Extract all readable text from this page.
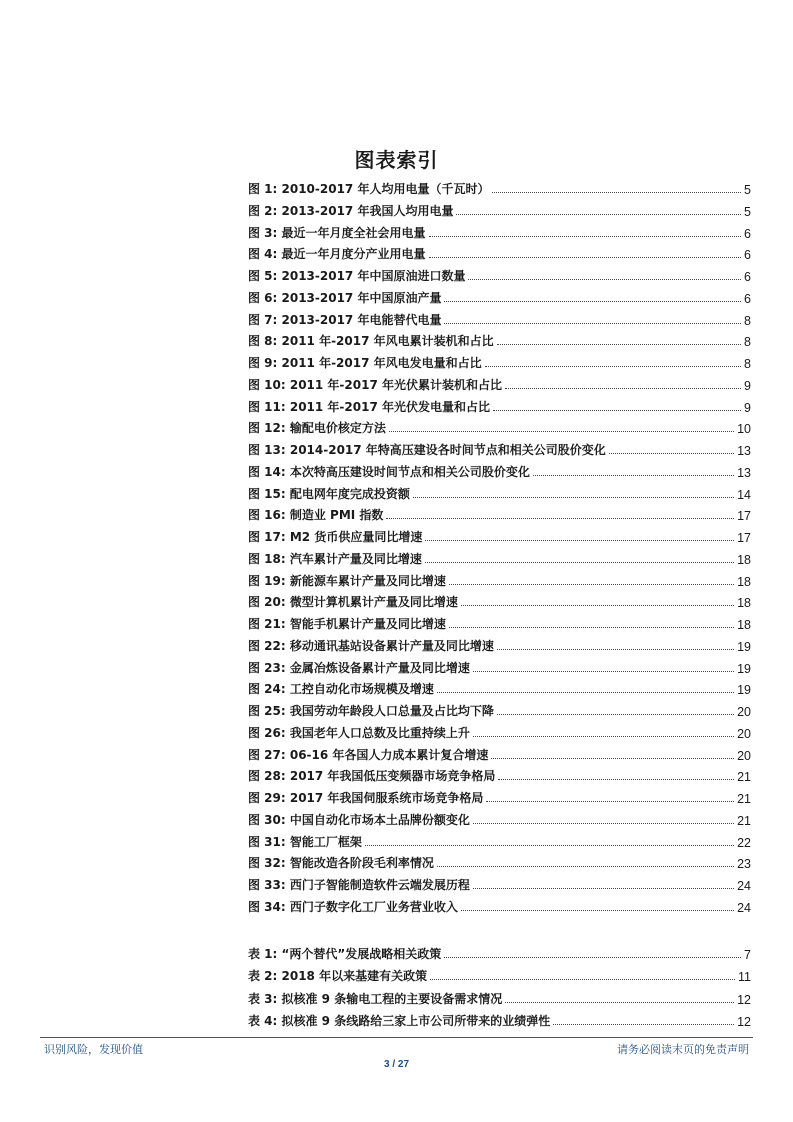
图表索引
图 1: 2010-2017 年人均用电量（千瓦时）	5
图 2: 2013-2017 年我国人均用电量	5
图 3: 最近一年月度全社会用电量	6
图 4: 最近一年月度分产业用电量	6
图 5: 2013-2017 年中国原油进口数量	6
图 6: 2013-2017 年中国原油产量	6
图 7: 2013-2017 年电能替代电量	8
图 8: 2011 年-2017 年风电累计装机和占比	8
图 9: 2011 年-2017 年风电发电量和占比	8
图 10: 2011 年-2017 年光伏累计装机和占比	9
图 11: 2011 年-2017 年光伏发电量和占比	9
图 12: 输配电价核定方法	10
图 13: 2014-2017 年特高压建设各时间节点和相关公司股价变化	13
图 14: 本次特高压建设时间节点和相关公司股价变化	13
图 15: 配电网年度完成投资额	14
图 16: 制造业 PMI 指数	17
图 17: M2 货币供应量同比增速	17
图 18: 汽车累计产量及同比增速	18
图 19: 新能源车累计产量及同比增速	18
图 20: 微型计算机累计产量及同比增速	18
图 21: 智能手机累计产量及同比增速	18
图 22: 移动通讯基站设备累计产量及同比增速	19
图 23: 金属冶炼设备累计产量及同比增速	19
图 24: 工控自动化市场规模及增速	19
图 25: 我国劳动年龄段人口总量及占比均下降	20
图 26: 我国老年人口总数及比重持续上升	20
图 27: 06-16 年各国人力成本累计复合增速	20
图 28: 2017 年我国低压变频器市场竞争格局	21
图 29: 2017 年我国伺服系统市场竞争格局	21
图 30: 中国自动化市场本土品牌份额变化	21
图 31: 智能工厂框架	22
图 32: 智能改造各阶段毛利率情况	23
图 33: 西门子智能制造软件云端发展历程	24
图 34: 西门子数字化工厂业务营业收入	24
表 1: “两个替代”发展战略相关政策	7
表 2: 2018 年以来基建有关政策	11
表 3: 拟核准 9 条输电工程的主要设备需求情况	12
表 4: 拟核准 9 条线路给三家上市公司所带来的业绩弹性	12
识别风险，发现价值	请务必阅读末页的免责声明
3 / 27
